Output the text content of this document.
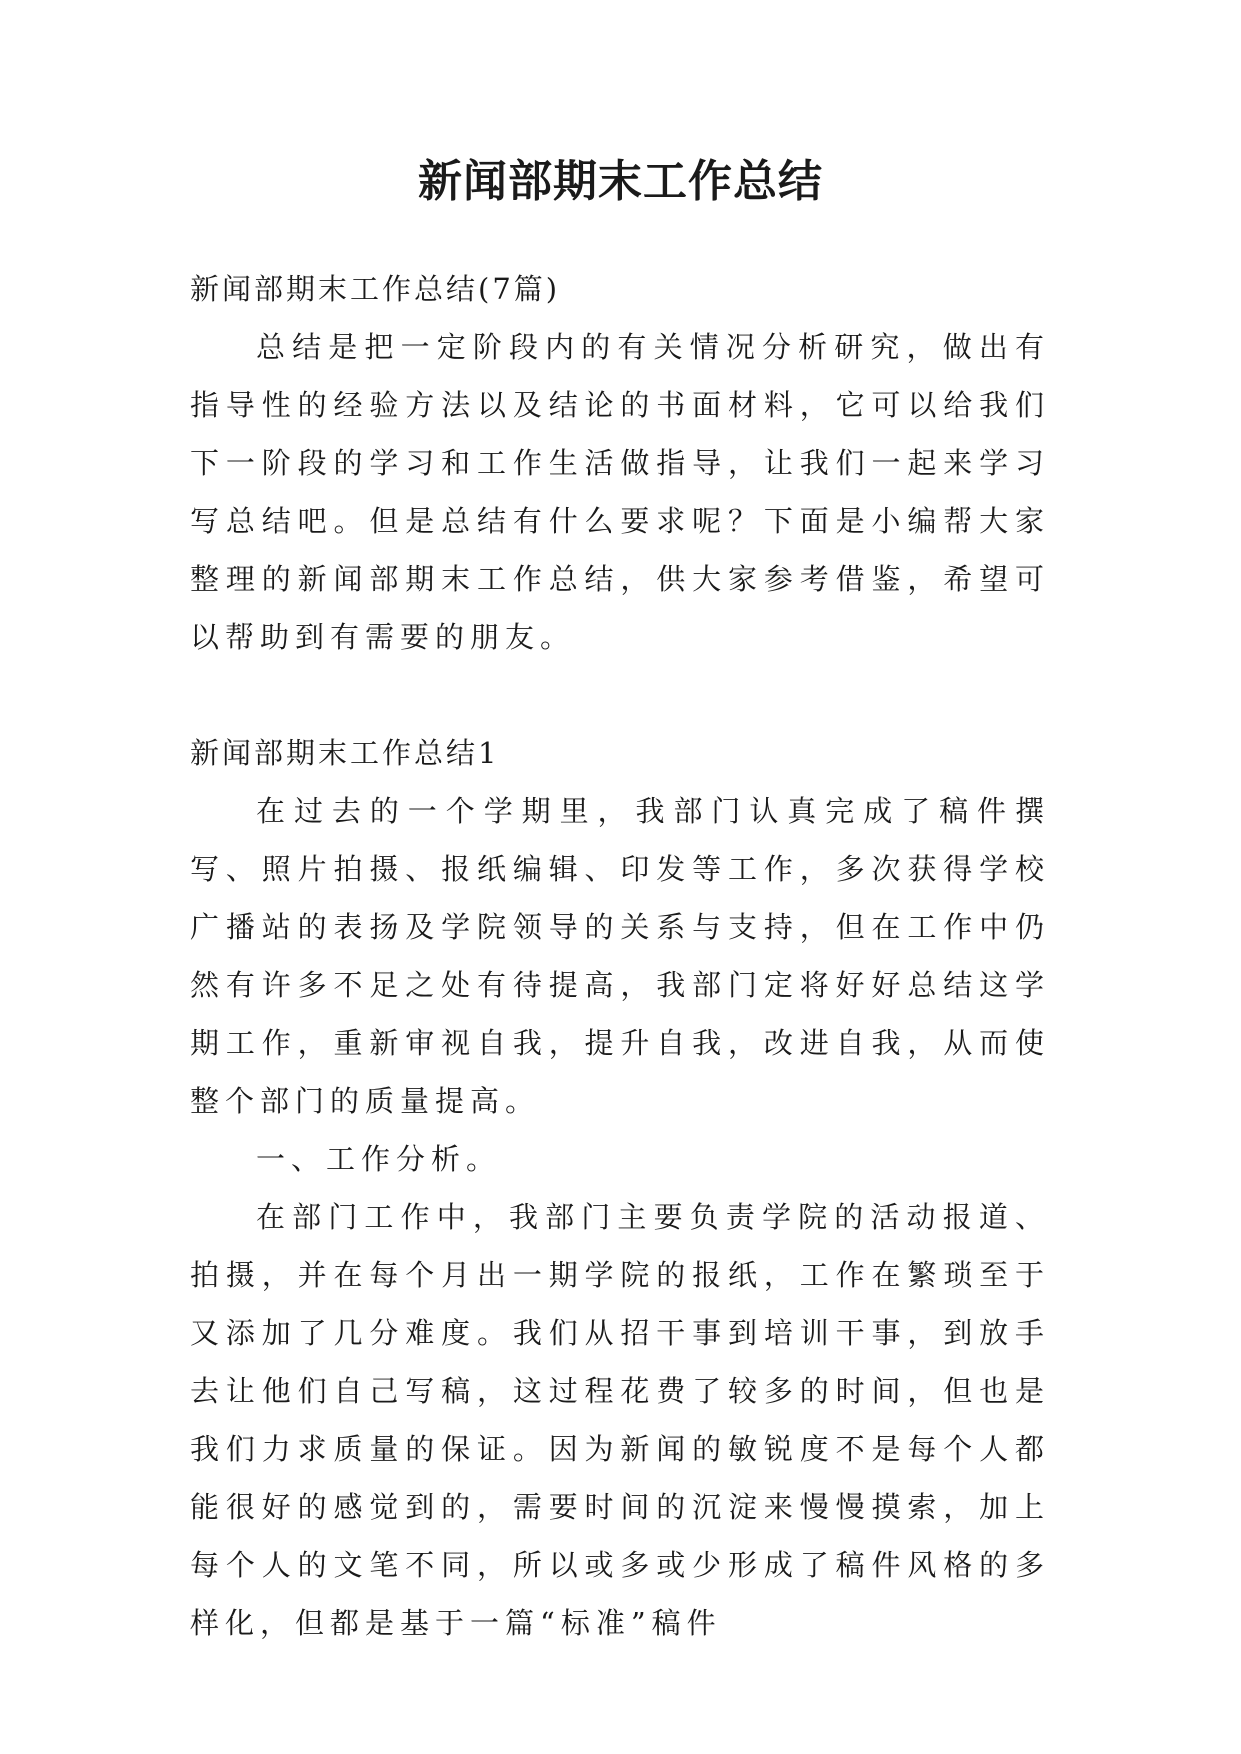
新闻部期末工作总结

新闻部期末工作总结(7篇)

总结是把一定阶段内的有关情况分析研究，做出有指导性的经验方法以及结论的书面材料，它可以给我们下一阶段的学习和工作生活做指导，让我们一起来学习写总结吧。但是总结有什么要求呢？下面是小编帮大家整理的新闻部期末工作总结，供大家参考借鉴，希望可以帮助到有需要的朋友。

新闻部期末工作总结1

在过去的一个学期里，我部门认真完成了稿件撰写、照片拍摄、报纸编辑、印发等工作，多次获得学校广播站的表扬及学院领导的关系与支持，但在工作中仍然有许多不足之处有待提高，我部门定将好好总结这学期工作，重新审视自我，提升自我，改进自我，从而使整个部门的质量提高。

一、工作分析。

在部门工作中，我部门主要负责学院的活动报道、拍摄，并在每个月出一期学院的报纸，工作在繁琐至于又添加了几分难度。我们从招干事到培训干事，到放手去让他们自己写稿，这过程花费了较多的时间，但也是我们力求质量的保证。因为新闻的敏锐度不是每个人都能很好的感觉到的，需要时间的沉淀来慢慢摸索，加上每个人的文笔不同，所以或多或少形成了稿件风格的多样化，但都是基于一篇“标准”稿件
